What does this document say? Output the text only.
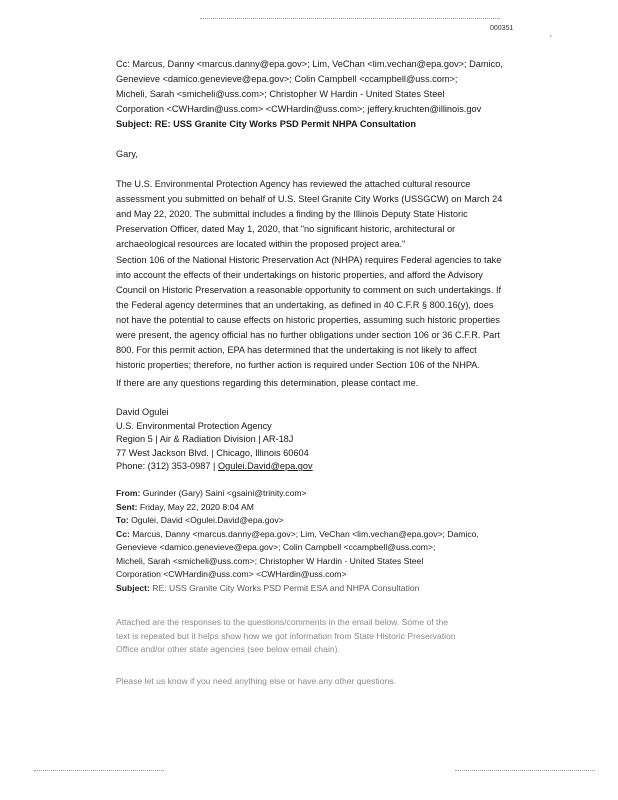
000351
‘
Cc: Marcus, Danny <marcus.danny@epa.gov>; Lim, VeChan <lim.vechan@epa.gov>; Damico,
Genevieve <damico.genevieve@epa.gov>; Colin Campbell <ccampbell@uss.com>;
Micheli, Sarah <smicheli@uss.com>; Christopher W Hardin - United States Steel
Corporation <CWHardin@uss.com> <CWHardin@uss.com>; jeffery.kruchten@illinois.gov
Subject: RE: USS Granite City Works PSD Permit NHPA Consultation
Gary,
The U.S. Environmental Protection Agency has reviewed the attached cultural resource
assessment you submitted on behalf of U.S. Steel Granite City Works (USSGCW) on March 24
and May 22, 2020. The submittal includes a finding by the Illinois Deputy State Historic
Preservation Officer, dated May 1, 2020, that "no significant historic, architectural or
archaeological resources are located within the proposed project area."
Section 106 of the National Historic Preservation Act (NHPA) requires Federal agencies to take
into account the effects of their undertakings on historic properties, and afford the Advisory
Council on Historic Preservation a reasonable opportunity to comment on such undertakings. If
the Federal agency determines that an undertaking, as defined in 40 C.F.R § 800.16(y), does
not have the potential to cause effects on historic properties, assuming such historic properties
were present, the agency official has no further obligations under section 106 or 36 C.F.R. Part
800. For this permit action, EPA has determined that the undertaking is not likely to affect
historic properties; therefore, no further action is required under Section 106 of the NHPA.
If there are any questions regarding this determination, please contact me.
David Ogulei
U.S. Environmental Protection Agency
Region 5 | Air & Radiation Division | AR-18J
77 West Jackson Blvd. | Chicago, Illinois 60604
Phone: (312) 353-0987 | Ogulei.David@epa.gov
From: Gurinder (Gary) Saini <gsaini@trinity.com>
Sent: Friday, May 22, 2020 8:04 AM
To: Ogulei, David <Ogulei.David@epa.gov>
Cc: Marcus, Danny <marcus.danny@epa.gov>; Lim, VeChan <lim.vechan@epa.gov>; Damico,
Genevieve <damico.genevieve@epa.gov>; Colin Campbell <ccampbell@uss.com>;
Micheli, Sarah <smicheli@uss.com>; Christopher W Hardin - United States Steel
Corporation <CWHardin@uss.com> <CWHardin@uss.com>
Subject: RE: USS Granite City Works PSD Permit ESA and NHPA Consultation
Attached are the responses to the questions/comments in the email below. Some of the
text is repeated but it helps show how we got information from State Historic Preservation
Office and/or other state agencies (see below email chain).
Please let us know if you need anything else or have any other questions.
